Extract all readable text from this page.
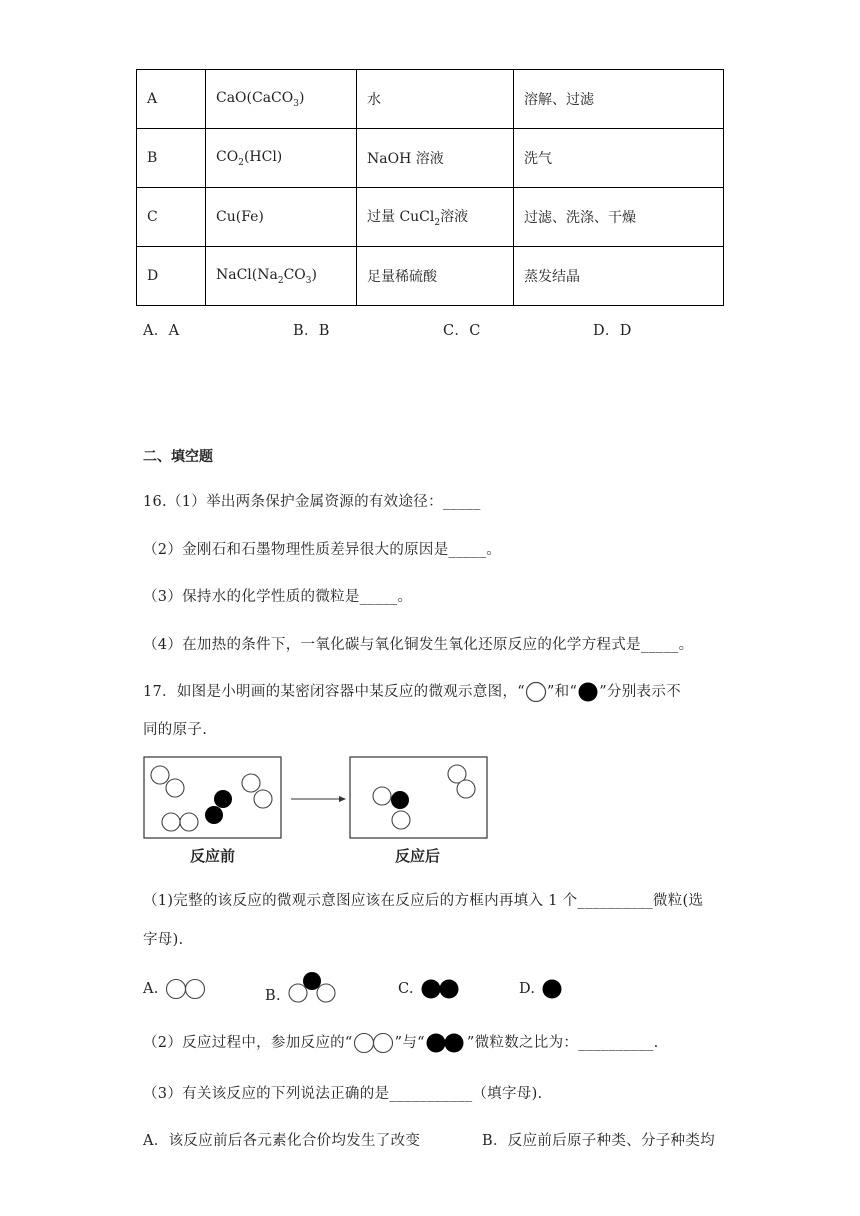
A	CaO(CaCO$_3$)	水	溶解、过滤
B	$CO_2(HCl)$	NaOH 溶液	洗气
C	Cu(Fe)	过量 CuCl$_2$溶液	过滤、洗涤、干燥
D	$NaCl(Na_2CO_3)$	足量稀硫酸	蒸发结晶
A．A	B．B	C．C	D．D
二、填空题
16.（1）举出两条保护金属资源的有效途径：_____
（2）金刚石和石墨物理性质差异很大的原因是_____。
（3）保持水的化学性质的微粒是_____。
（4）在加热的条件下，一氧化碳与氧化铜发生氧化还原反应的化学方程式是_____。
17．如图是小明画的某密闭容器中某反应的微观示意图，“ ”和“ ”分别表示不
同的原子.
反应前	反应后
（1)完整的该反应的微观示意图应该在反应后的方框内再填入 1 个__________微粒(选
字母).
A.	B.	C.	D.
（2）反应过程中，参加反应的“	”与“	”微粒数之比为：__________.
（3）有关该反应的下列说法正确的是___________（填字母).
A．该反应前后各元素化合价均发生了改变	B．反应前后原子种类、分子种类均
